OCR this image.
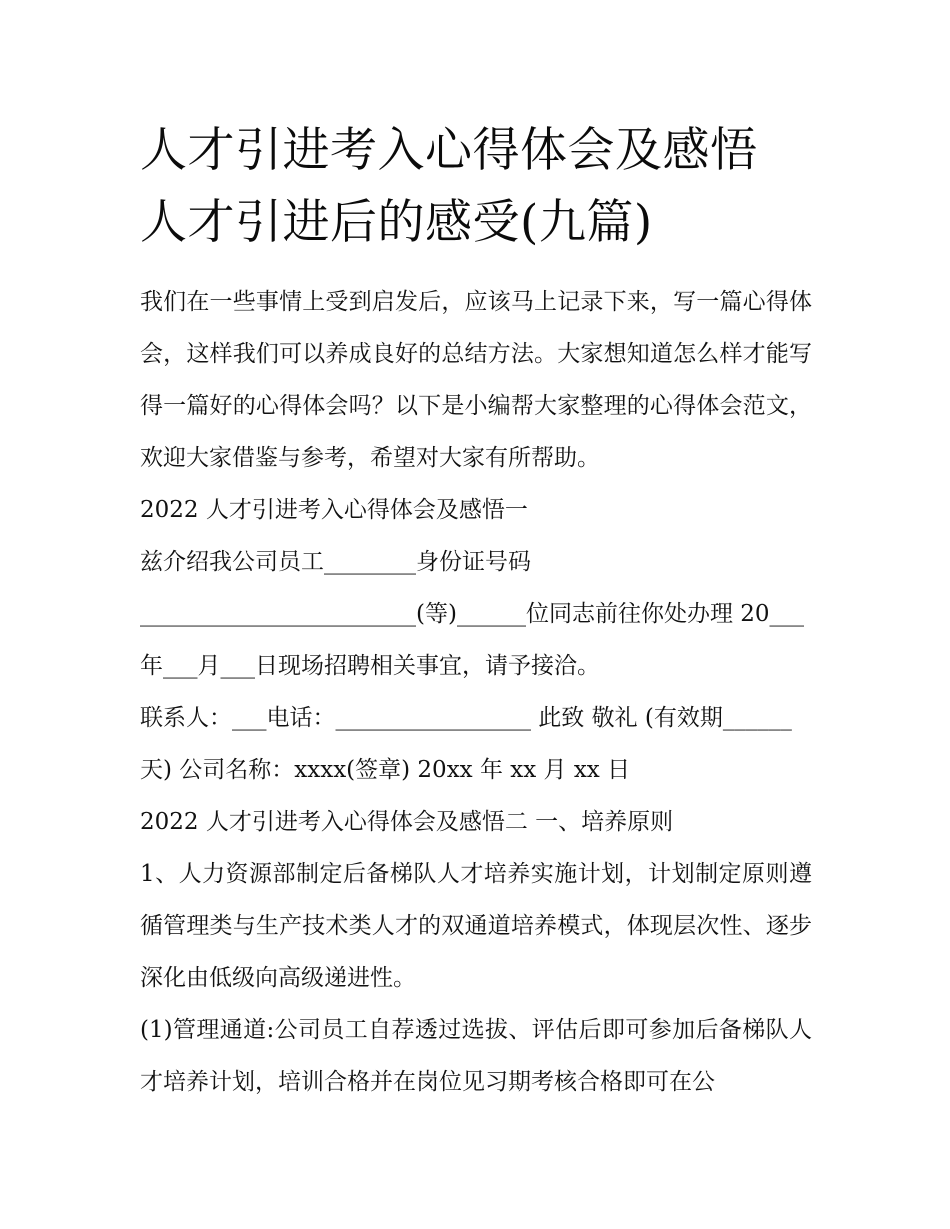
人才引进考入心得体会及感悟
人才引进后的感受(九篇)

我们在一些事情上受到启发后，应该马上记录下来，写一篇心得体会，这样我们可以养成良好的总结方法。大家想知道怎么样才能写得一篇好的心得体会吗？以下是小编帮大家整理的心得体会范文，欢迎大家借鉴与参考，希望对大家有所帮助。

2022 人才引进考入心得体会及感悟一

兹介绍我公司员工________身份证号码

________________________(等)______位同志前往你处办理 20___

年___月___日现场招聘相关事宜，请予接洽。

联系人：___电话：_________________ 此致 敬礼 (有效期______

天) 公司名称：xxxx(签章) 20xx 年 xx 月 xx 日

2022 人才引进考入心得体会及感悟二 一、培养原则

1、人力资源部制定后备梯队人才培养实施计划，计划制定原则遵循管理类与生产技术类人才的双通道培养模式，体现层次性、逐步深化由低级向高级递进性。

(1)管理通道:公司员工自荐透过选拔、评估后即可参加后备梯队人才培养计划，培训合格并在岗位见习期考核合格即可在公
